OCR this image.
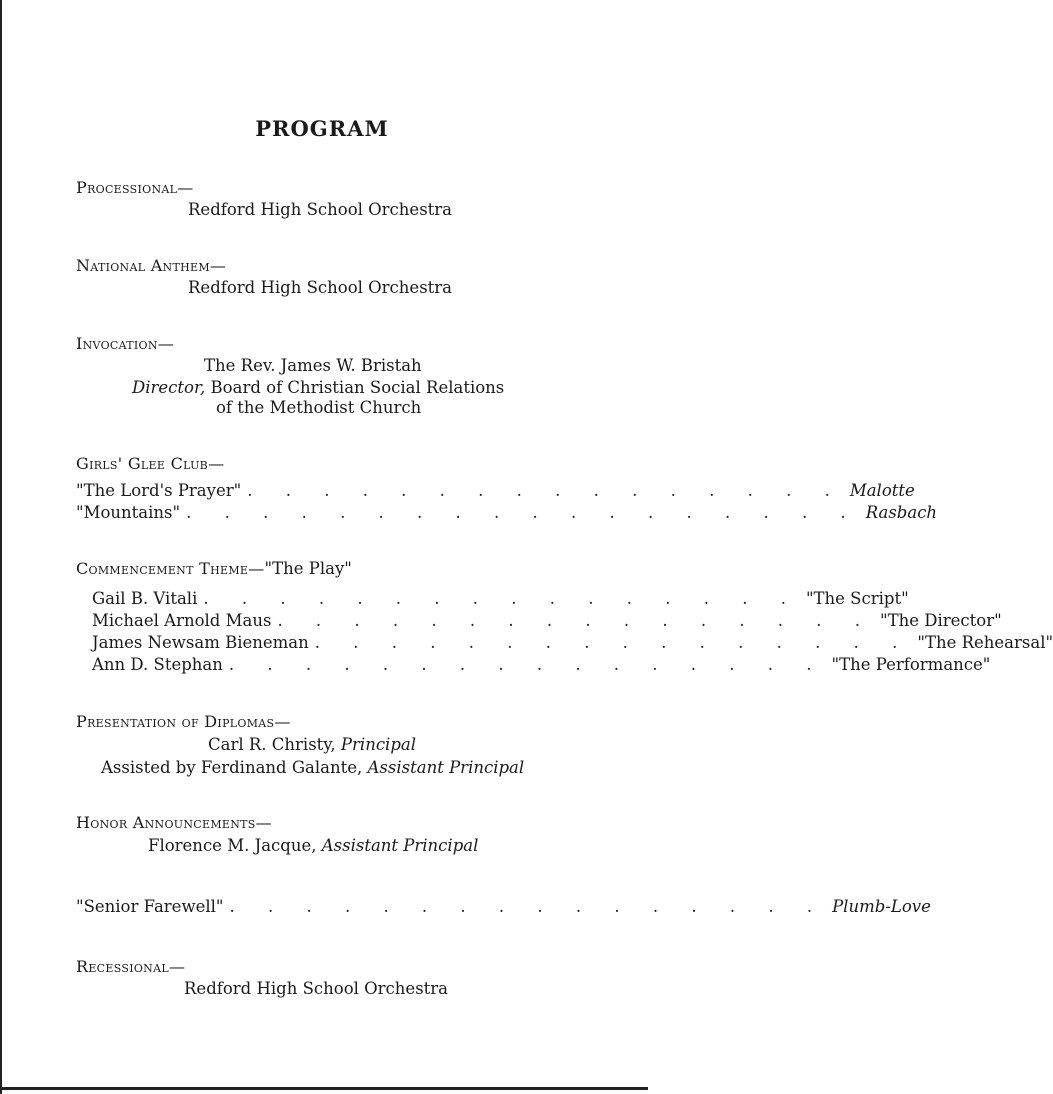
PROGRAM
Processional—
Redford High School Orchestra
National Anthem—
Redford High School Orchestra
Invocation—
The Rev. James W. Bristah
Director, Board of Christian Social Relations
of the Methodist Church
Girls' Glee Club—
"The Lord's Prayer" . . . . . . . . . . . . . . . . Malotte
"Mountains" . . . . . . . . . . . . . . . . . . Rasbach
Commencement Theme—"The Play"
Gail B. Vitali . . . . . . . . . . . . . . . . "The Script"
Michael Arnold Maus . . . . . . . . . . . . . . . . "The Director"
James Newsam Bieneman . . . . . . . . . . . . . . . . "The Rehearsal"
Ann D. Stephan . . . . . . . . . . . . . . . . "The Performance"
Presentation of Diplomas—
Carl R. Christy, Principal
Assisted by Ferdinand Galante, Assistant Principal
Honor Announcements—
Florence M. Jacque, Assistant Principal
"Senior Farewell" . . . . . . . . . . . . . . . . Plumb-Love
Recessional—
Redford High School Orchestra
